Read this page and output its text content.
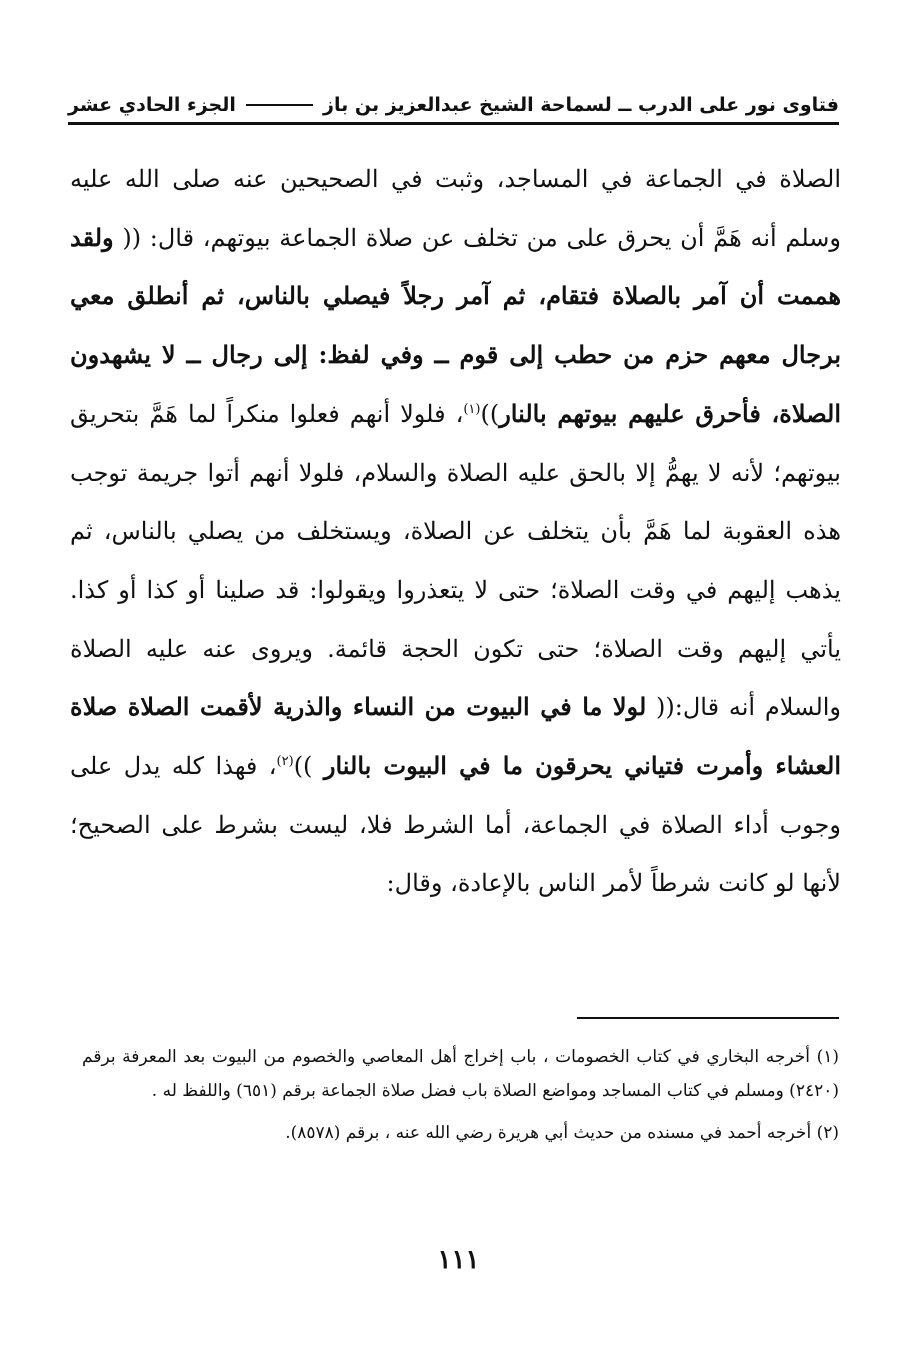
فتاوى نور على الدرب ــ لسماحة الشيخ عبدالعزيز بن باز
الجزء الحادي عشر

الصلاة في الجماعة في المساجد، وثبت في الصحيحين عنه صلى الله عليه وسلم أنه هَمَّ أن يحرق على من تخلف عن صلاة الجماعة بيوتهم، قال: (( ولقد هممت أن آمر بالصلاة فتقام، ثم آمر رجلاً فيصلي بالناس، ثم أنطلق معي برجال معهم حزم من حطب إلى قوم ــ وفي لفظ: إلى رجال ــ لا يشهدون الصلاة، فأحرق عليهم بيوتهم بالنار))$^{(١)}$، فلولا أنهم فعلوا منكراً لما هَمَّ بتحريق بيوتهم؛ لأنه لا يهمُّ إلا بالحق عليه الصلاة والسلام، فلولا أنهم أتوا جريمة توجب هذه العقوبة لما هَمَّ بأن يتخلف عن الصلاة، ويستخلف من يصلي بالناس، ثم يذهب إليهم في وقت الصلاة؛ حتى لا يتعذروا ويقولوا: قد صلينا أو كذا أو كذا. يأتي إليهم وقت الصلاة؛ حتى تكون الحجة قائمة. ويروى عنه عليه الصلاة والسلام أنه قال:(( لولا ما في البيوت من النساء والذرية لأقمت الصلاة صلاة العشاء وأمرت فتياني يحرقون ما في البيوت بالنار ))$^{(٢)}$، فهذا كله يدل على وجوب أداء الصلاة في الجماعة، أما الشرط فلا، ليست بشرط على الصحيح؛ لأنها لو كانت شرطاً لأمر الناس بالإعادة، وقال:

(١) أخرجه البخاري في كتاب الخصومات ، باب إخراج أهل المعاصي والخصوم من البيوت بعد المعرفة برقم (٢٤٢٠) ومسلم في كتاب المساجد ومواضع الصلاة باب فضل صلاة الجماعة برقم (٦٥١) واللفظ له .

(٢) أخرجه أحمد في مسنده من حديث أبي هريرة رضي الله عنه ، برقم (٨٥٧٨).

١١١
